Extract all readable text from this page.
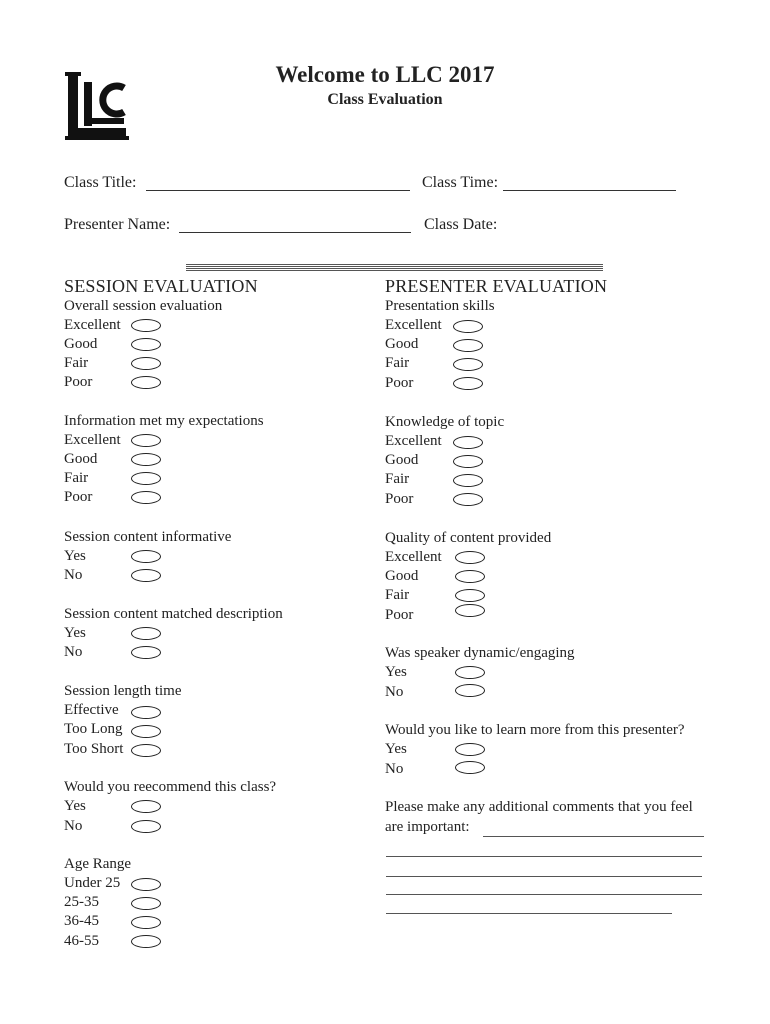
Welcome to LLC 2017
Class Evaluation
Class Title:	Class Time:
Presenter Name:	Class Date:
SESSION EVALUATION
Overall session evaluation
Excellent
Good
Fair
Poor
Information met my expectations
Excellent
Good
Fair
Poor
Session content informative
Yes
No
Session content matched description
Yes
No
Session length time
Effective
Too Long
Too Short
Would you reecommend this class?
Yes
No
Age Range
Under 25
25-35
36-45
46-55
PRESENTER EVALUATION
Presentation skills
Excellent
Good
Fair
Poor
Knowledge of topic
Excellent
Good
Fair
Poor
Quality of content provided
Excellent
Good
Fair
Poor
Was speaker dynamic/engaging
Yes
No
Would you like to learn more from this presenter?
Yes
No
Please make any additional comments that you feel
are important:
